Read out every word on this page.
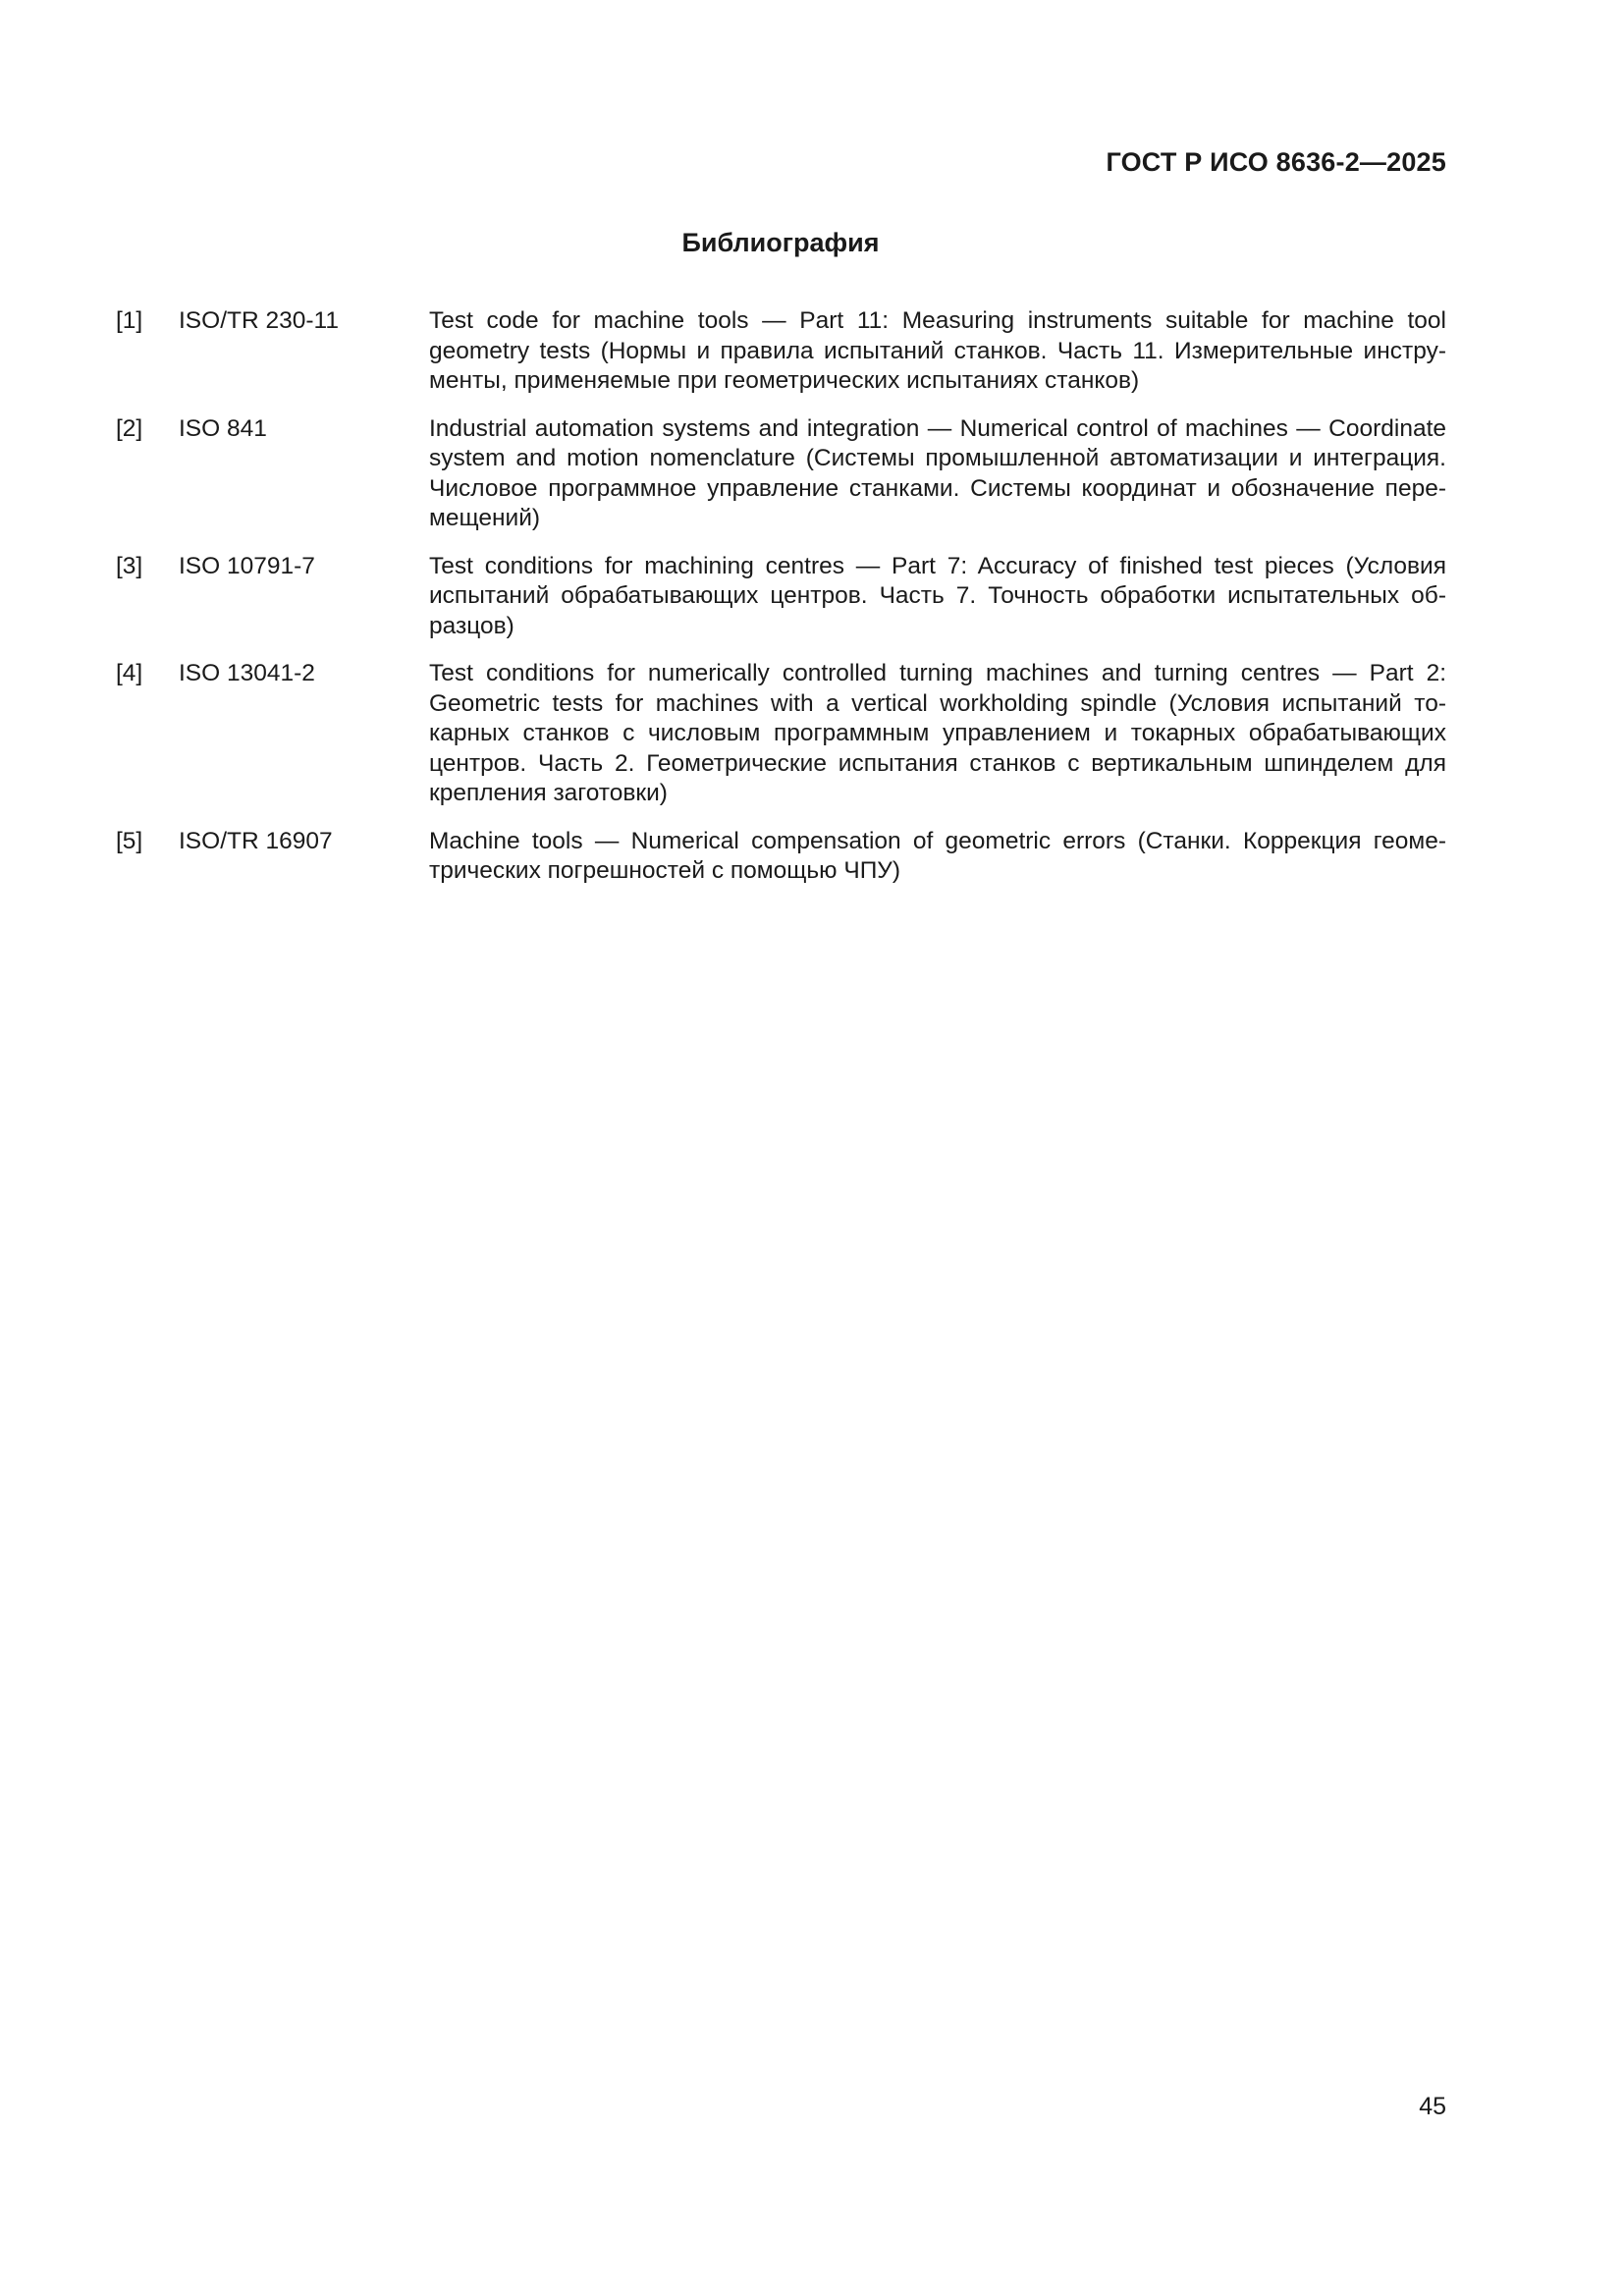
ГОСТ Р ИСО 8636-2—2025
Библиография
[1]	ISO/TR 230-11	Test code for machine tools — Part 11: Measuring instruments suitable for machine tool geometry tests (Нормы и правила испытаний станков. Часть 11. Измерительные инструменты, применяемые при геометрических испытаниях станков)
[2]	ISO 841	Industrial automation systems and integration — Numerical control of machines — Coordinate system and motion nomenclature (Системы промышленной автоматизации и интеграция. Числовое программное управление станками. Системы координат и обозначение перемещений)
[3]	ISO 10791-7	Test conditions for machining centres — Part 7: Accuracy of finished test pieces (Условия испытаний обрабатывающих центров. Часть 7. Точность обработки испытательных образцов)
[4]	ISO 13041-2	Test conditions for numerically controlled turning machines and turning centres — Part 2: Geometric tests for machines with a vertical workholding spindle (Условия испытаний токарных станков с числовым программным управлением и токарных обрабатывающих центров. Часть 2. Геометрические испытания станков с вертикальным шпинделем для крепления заготовки)
[5]	ISO/TR 16907	Machine tools — Numerical compensation of geometric errors (Станки. Коррекция геометрических погрешностей с помощью ЧПУ)
45
